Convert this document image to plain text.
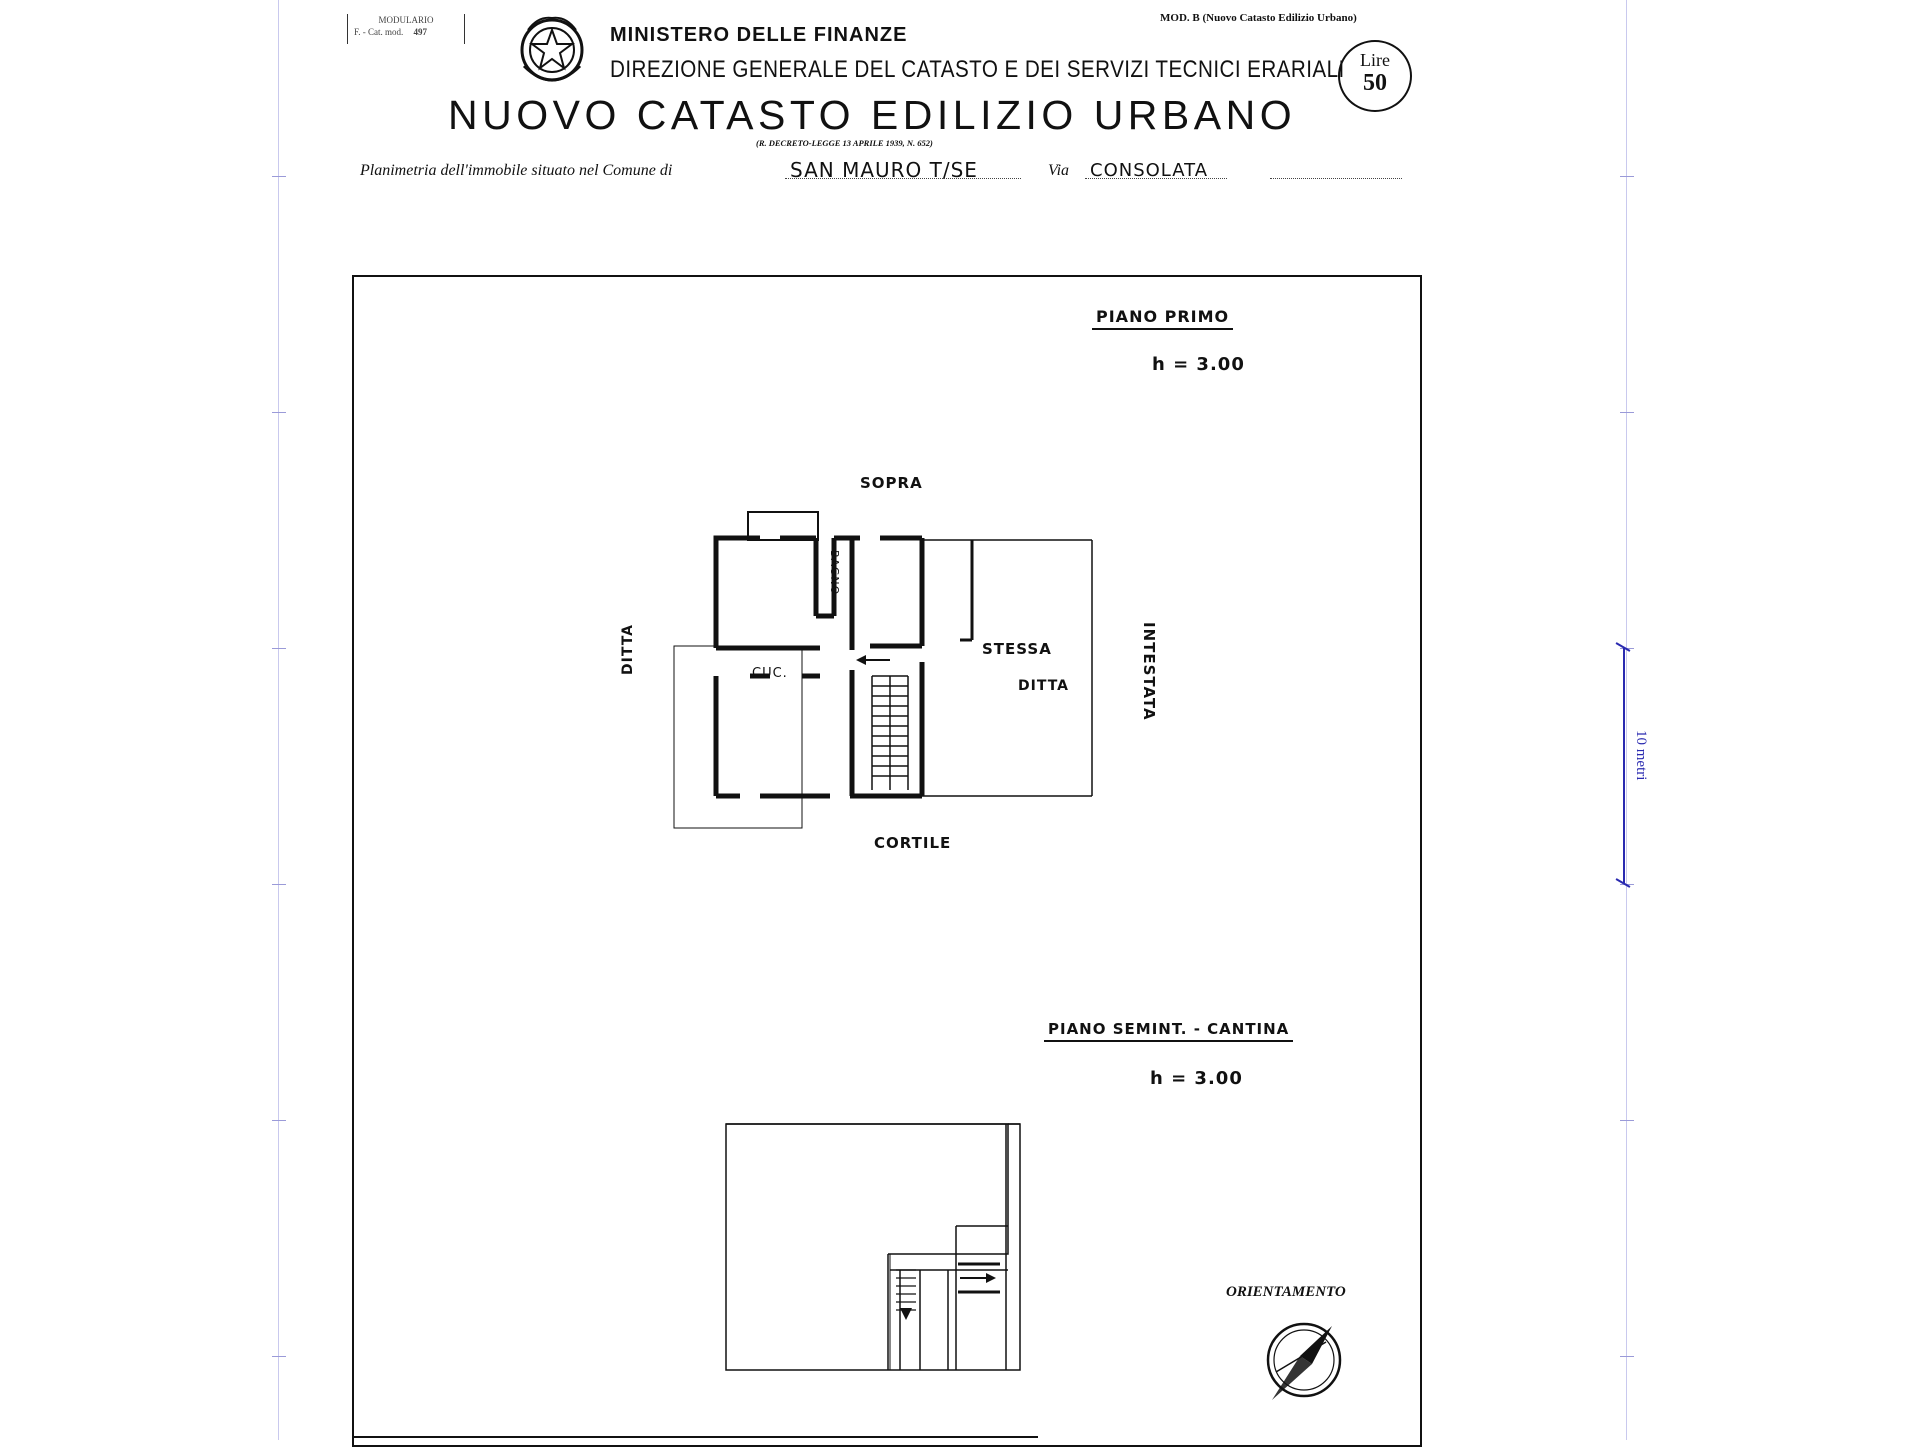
10 metri
MODULARIO
F. - Cat. mod. 497	MINISTERO DELLE FINANZE
DIREZIONE GENERALE DEL CATASTO E DEI SERVIZI TECNICI ERARIALI
NUOVO CATASTO EDILIZIO URBANO
(R. DECRETO-LEGGE 13 APRILE 1939, N. 652)
MOD. B (Nuovo Catasto Edilizio Urbano)
Lire
50
Planimetria dell'immobile situato nel Comune di	SAN MAURO T/SE	Via CONSOLATA
PIANO PRIMO
h = 3.00
SOPRA
DITTA	INTESTATA
STESSA
DITTA
CORTILE
CUC.
BAGNO
PIANO SEMINT. - CANTINA
h = 3.00
ORIENTAMENTO
